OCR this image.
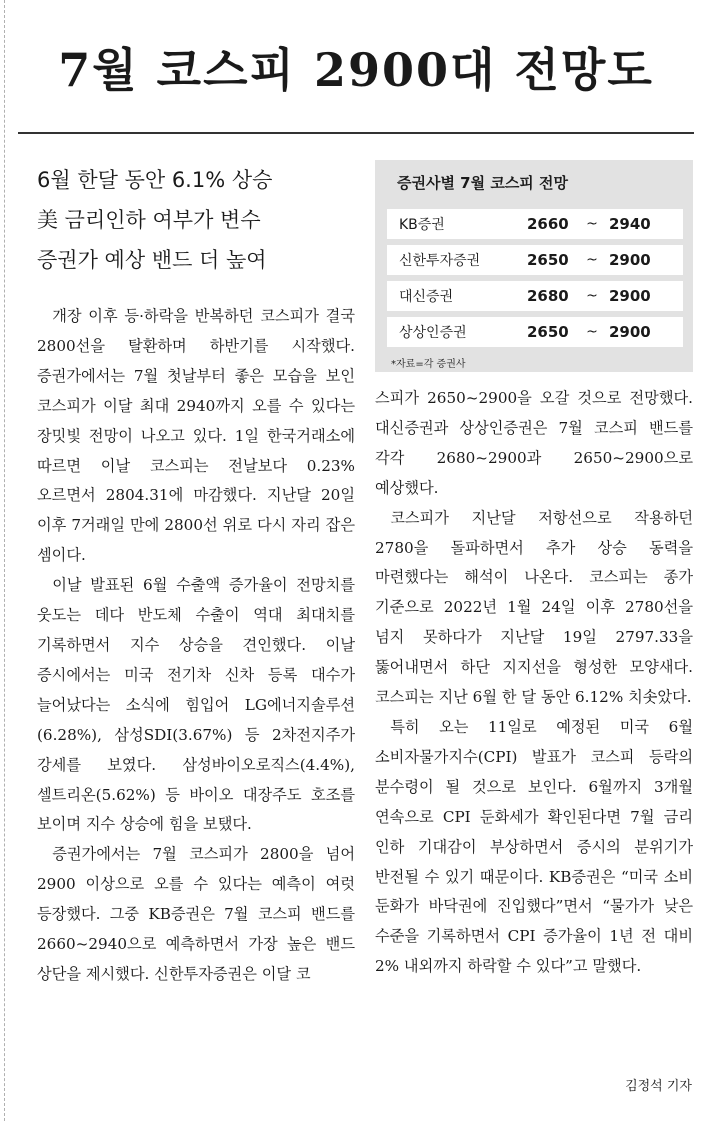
7월 코스피 2900대 전망도

6월 한달 동안 6.1% 상승

美 금리인하 여부가 변수

증권가 예상 밴드 더 높여

개장 이후 등·하락을 반복하던 코스피가 결국 2800선을 탈환하며 하반기를 시작했다. 증권가에서는 7월 첫날부터 좋은 모습을 보인 코스피가 이달 최대 2940까지 오를 수 있다는 장밋빛 전망이 나오고 있다. 1일 한국거래소에 따르면 이날 코스피는 전날보다 0.23% 오르면서 2804.31에 마감했다. 지난달 20일 이후 7거래일 만에 2800선 위로 다시 자리 잡은 셈이다.

이날 발표된 6월 수출액 증가율이 전망치를 웃도는 데다 반도체 수출이 역대 최대치를 기록하면서 지수 상승을 견인했다. 이날 증시에서는 미국 전기차 신차 등록 대수가 늘어났다는 소식에 힘입어 LG에너지솔루션(6.28%), 삼성SDI(3.67%) 등 2차전지주가 강세를 보였다. 삼성바이오로직스(4.4%), 셀트리온(5.62%) 등 바이오 대장주도 호조를 보이며 지수 상승에 힘을 보탰다.

증권가에서는 7월 코스피가 2800을 넘어 2900 이상으로 오를 수 있다는 예측이 여럿 등장했다. 그중 KB증권은 7월 코스피 밴드를 2660~2940으로 예측하면서 가장 높은 밴드 상단을 제시했다. 신한투자증권은 이달 코

증권사별 7월 코스피 전망
KB증권	2660	~	2940
신한투자증권	2650	~	2900
대신증권	2680	~	2900
상상인증권	2650	~	2900
*자료=각 증권사

스피가 2650~2900을 오갈 것으로 전망했다. 대신증권과 상상인증권은 7월 코스피 밴드를 각각 2680~2900과 2650~2900으로 예상했다.

코스피가 지난달 저항선으로 작용하던 2780을 돌파하면서 추가 상승 동력을 마련했다는 해석이 나온다. 코스피는 종가 기준으로 2022년 1월 24일 이후 2780선을 넘지 못하다가 지난달 19일 2797.33을 뚫어내면서 하단 지지선을 형성한 모양새다. 코스피는 지난 6월 한 달 동안 6.12% 치솟았다.

특히 오는 11일로 예정된 미국 6월 소비자물가지수(CPI) 발표가 코스피 등락의 분수령이 될 것으로 보인다. 6월까지 3개월 연속으로 CPI 둔화세가 확인된다면 7월 금리 인하 기대감이 부상하면서 증시의 분위기가 반전될 수 있기 때문이다. KB증권은 “미국 소비 둔화가 바닥권에 진입했다”면서 “물가가 낮은 수준을 기록하면서 CPI 증가율이 1년 전 대비 2% 내외까지 하락할 수 있다”고 말했다.

김정석 기자
